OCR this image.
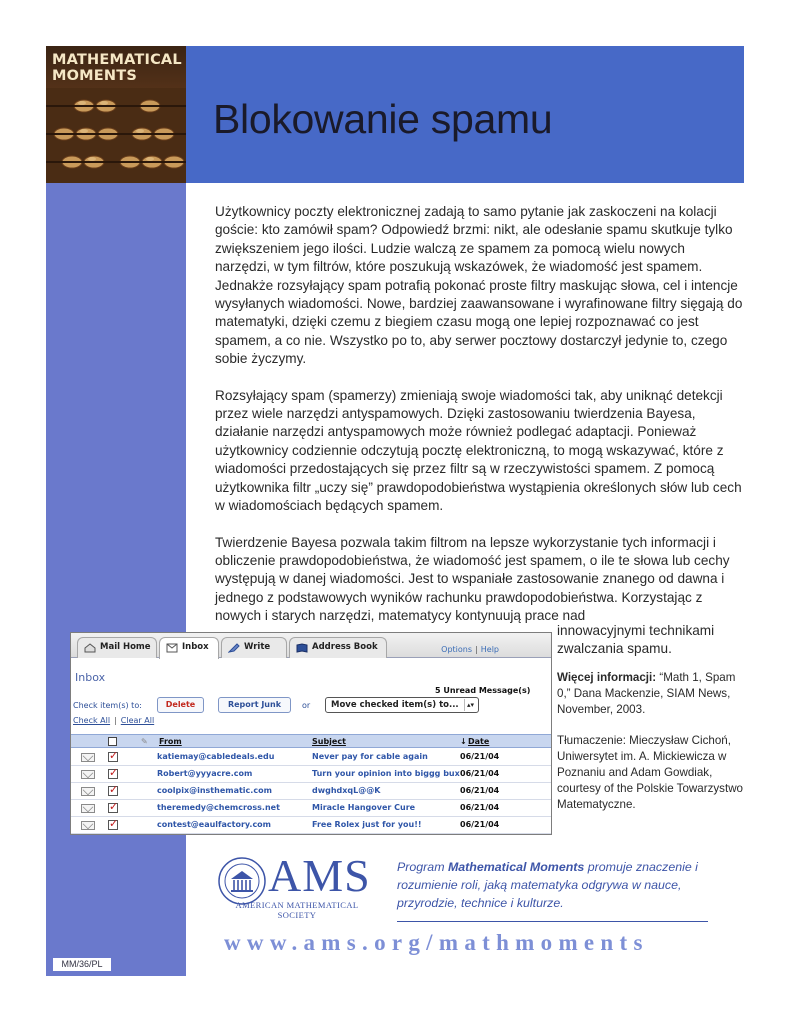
MATHEMATICAL
MOMENTS
Blokowanie spamu

Użytkownicy poczty elektronicznej zadają to samo pytanie jak zaskoczeni na kolacji goście: kto zamówił spam? Odpowiedź brzmi: nikt, ale odesłanie spamu skutkuje tylko zwiększeniem jego ilości. Ludzie walczą ze spamem za pomocą wielu nowych narzędzi, w tym filtrów, które poszukują wskazówek, że wiadomość jest spamem. Jednakże rozsyłający spam potrafią pokonać proste filtry maskując słowa, cel i intencje wysyłanych wiadomości. Nowe, bardziej zaawansowane i wyrafinowane filtry sięgają do matematyki, dzięki czemu z biegiem czasu mogą one lepiej rozpoznawać co jest spamem, a co nie. Wszystko po to, aby serwer pocztowy dostarczył jedynie to, czego sobie życzymy.

Rozsyłający spam (spamerzy) zmieniają swoje wiadomości tak, aby uniknąć detekcji przez wiele narzędzi antyspamowych. Dzięki zastosowaniu twierdzenia Bayesa, działanie narzędzi antyspamowych może również podlegać adaptacji. Ponieważ użytkownicy codziennie odczytują pocztę elektroniczną, to mogą wskazywać, które z wiadomości przedostających się przez filtr są w rzeczywistości spamem. Z pomocą użytkownika filtr „uczy się” prawdopodobieństwa wystąpienia określonych słów lub cech w wiadomościach będących spamem.

Twierdzenie Bayesa pozwala takim filtrom na lepsze wykorzystanie tych informacji i obliczenie prawdopodobieństwa, że wiadomość jest spamem, o ile te słowa lub cechy występują w danej wiadomości. Jest to wspaniałe zastosowanie znanego od dawna i jednego z podstawowych wyników rachunku prawdopodobieństwa. Korzystając z nowych i starych narzędzi, matematycy kontynuują prace nad

innowacyjnymi technikami zwalczania spamu.
Więcej informacji: “Math 1, Spam 0,” Dana Mackenzie, SIAM News, November, 2003.
Tłumaczenie: Mieczysław Cichoń, Uniwersytet im. A. Mickiewicza w Poznaniu and Adam Gowdiak, courtesy of the Polskie Towarzystwo Matematyczne.
Mail Home	Inbox	Write	Address Book	Options | Help
Inbox
5 Unread Message(s)
Check item(s) to:	Delete	Report Junk	or	Move checked item(s) to...	▴▾
Check All | Clear All
✎ From	Subject	↓ Date
✓
katiemay@cabledeals.edu	Never pay for cable again	06/21/04
✓
Robert@yyyacre.com	Turn your opinion into biggg bux 06/21/04
✓
coolpix@insthematic.com	dwghdxqL@@K	06/21/04
✓
theremedy@chemcross.net	Miracle Hangover Cure	06/21/04
✓
contest@eaulfactory.com	Free Rolex just for you!!	06/21/04
AMS
AMERICAN MATHEMATICAL SOCIETY
Program Mathematical Moments promuje znaczenie i rozumienie roli, jaką matematyka odgrywa w nauce, przyrodzie, technice i kulturze.
www.ams.org/mathmoments
MM/36/PL
